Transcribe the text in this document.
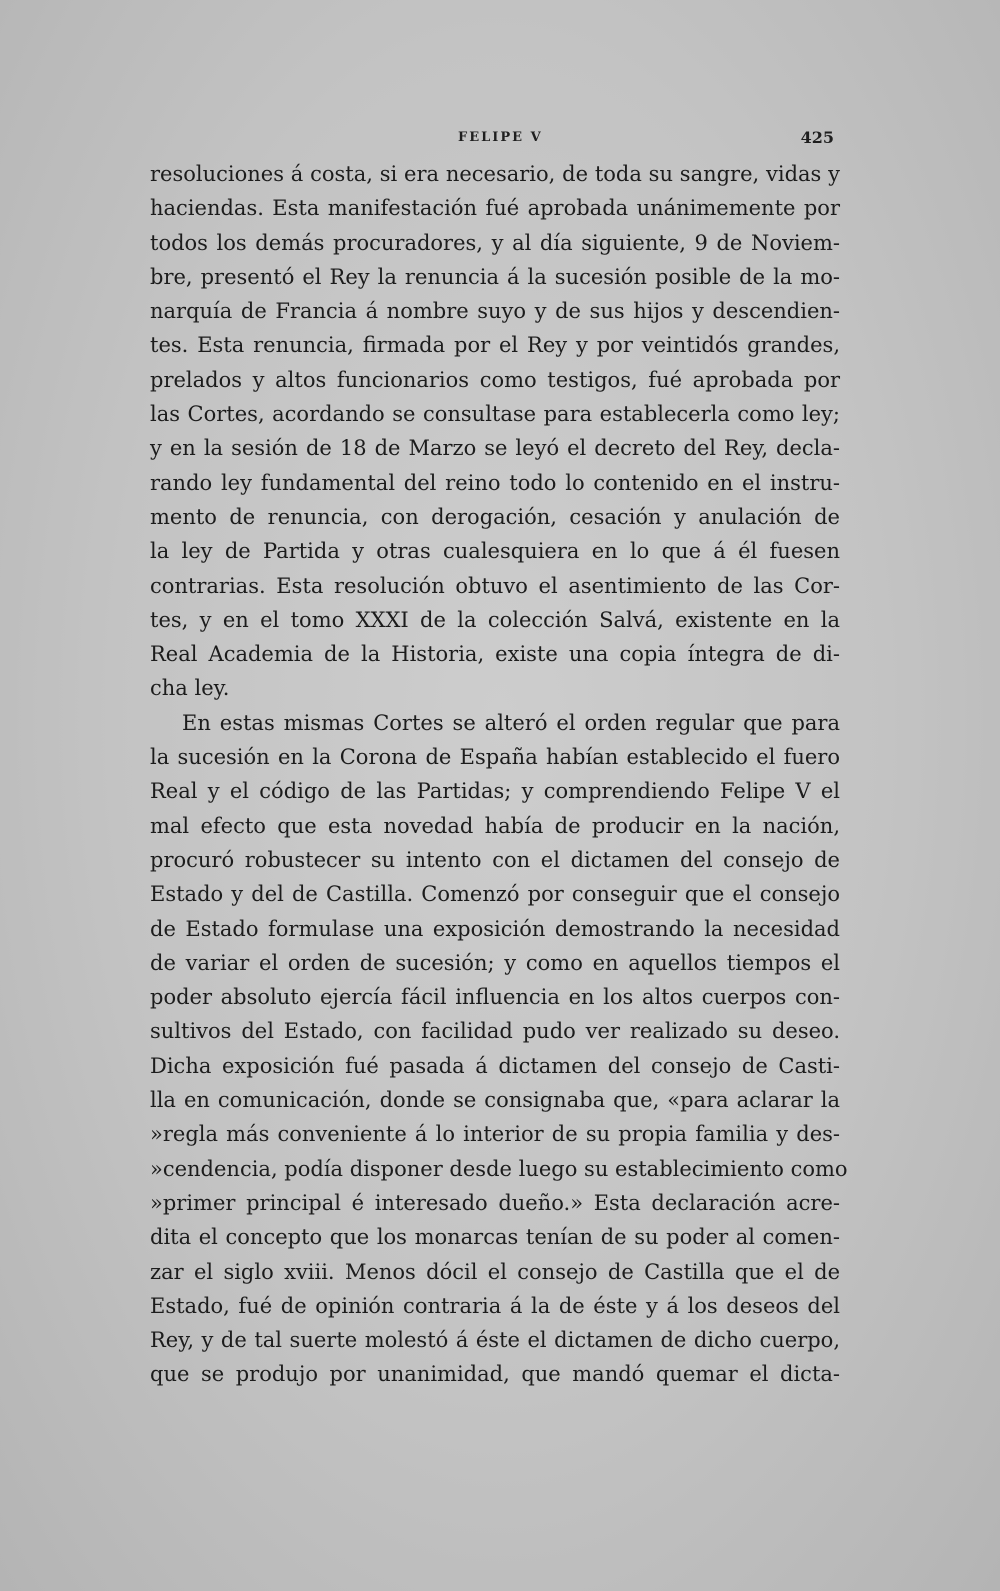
FELIPE V	425
resoluciones á costa, si era necesario, de toda su sangre, vidas y
haciendas. Esta manifestación fué aprobada unánimemente por
todos los demás procuradores, y al día siguiente, 9 de Noviem-
bre, presentó el Rey la renuncia á la sucesión posible de la mo-
narquía de Francia á nombre suyo y de sus hijos y descendien-
tes. Esta renuncia, firmada por el Rey y por veintidós grandes,
prelados y altos funcionarios como testigos, fué aprobada por
las Cortes, acordando se consultase para establecerla como ley;
y en la sesión de 18 de Marzo se leyó el decreto del Rey, decla-
rando ley fundamental del reino todo lo contenido en el instru-
mento de renuncia, con derogación, cesación y anulación de
la ley de Partida y otras cualesquiera en lo que á él fuesen
contrarias. Esta resolución obtuvo el asentimiento de las Cor-
tes, y en el tomo XXXI de la colección Salvá, existente en la
Real Academia de la Historia, existe una copia íntegra de di-
cha ley.
En estas mismas Cortes se alteró el orden regular que para
la sucesión en la Corona de España habían establecido el fuero
Real y el código de las Partidas; y comprendiendo Felipe V el
mal efecto que esta novedad había de producir en la nación,
procuró robustecer su intento con el dictamen del consejo de
Estado y del de Castilla. Comenzó por conseguir que el consejo
de Estado formulase una exposición demostrando la necesidad
de variar el orden de sucesión; y como en aquellos tiempos el
poder absoluto ejercía fácil influencia en los altos cuerpos con-
sultivos del Estado, con facilidad pudo ver realizado su deseo.
Dicha exposición fué pasada á dictamen del consejo de Casti-
lla en comunicación, donde se consignaba que, «para aclarar la
»regla más conveniente á lo interior de su propia familia y des-
»cendencia, podía disponer desde luego su establecimiento como
»primer principal é interesado dueño.» Esta declaración acre-
dita el concepto que los monarcas tenían de su poder al comen-
zar el siglo xviii. Menos dócil el consejo de Castilla que el de
Estado, fué de opinión contraria á la de éste y á los deseos del
Rey, y de tal suerte molestó á éste el dictamen de dicho cuerpo,
que se produjo por unanimidad, que mandó quemar el dicta-
